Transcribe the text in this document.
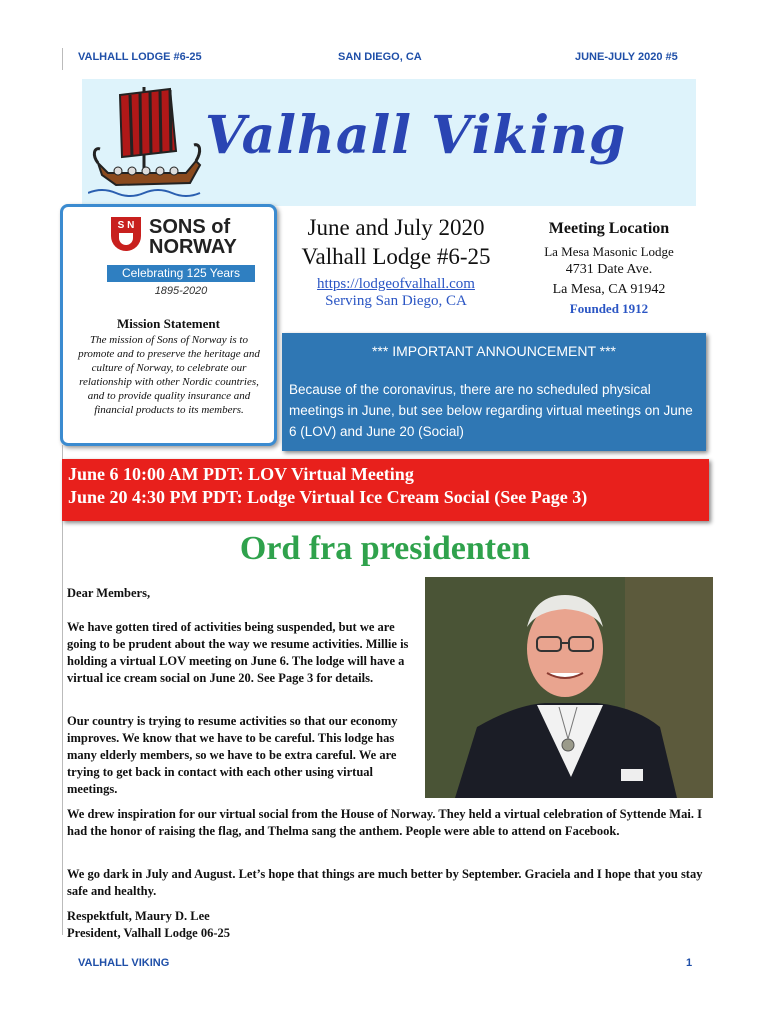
VALHALL LODGE #6-25	SAN DIEGO, CA	JUNE-JULY 2020 #5
Valhall Viking
S N SONS of
NORWAY
Celebrating 125 Years
1895-2020
Mission Statement
The mission of Sons of Norway is to promote and to preserve the heritage and culture of Norway, to celebrate our relationship with other Nordic countries, and to provide quality insurance and financial products to its members.
June and July 2020
Valhall Lodge #6-25
https://lodgeofvalhall.com
Serving San Diego, CA
Meeting Location
La Mesa Masonic Lodge
4731 Date Ave.
La Mesa, CA 91942
Founded 1912
*** IMPORTANT ANNOUNCEMENT ***
Because of the coronavirus, there are no scheduled physical meetings in June, but see below regarding virtual meetings on June 6 (LOV) and June 20 (Social)
June 6 10:00 AM PDT: LOV Virtual Meeting
June 20 4:30 PM PDT: Lodge Virtual Ice Cream Social (See Page 3)
Ord fra presidenten
Dear Members,
We have gotten tired of activities being suspended, but we are going to be prudent about the way we resume activities. Millie is holding a virtual LOV meeting on June 6. The lodge will have a virtual ice cream social on June 20. See Page 3 for details.
Our country is trying to resume activities so that our economy improves. We know that we have to be careful. This lodge has many elderly members, so we have to be extra careful. We are trying to get back in contact with each other using virtual meetings.
We drew inspiration for our virtual social from the House of Norway. They held a virtual celebration of Syttende Mai. I had the honor of raising the flag, and Thelma sang the anthem. People were able to attend on Facebook.
We go dark in July and August. Let’s hope that things are much better by September. Graciela and I hope that you stay safe and healthy.
Respektfult, Maury D. Lee
President, Valhall Lodge 06-25
VALHALL VIKING	1
